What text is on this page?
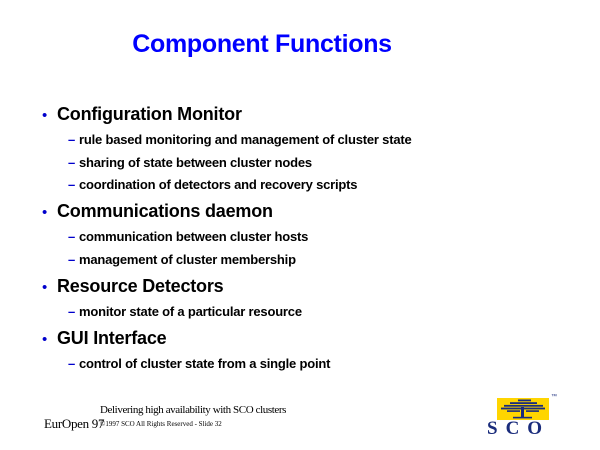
Component Functions
• Configuration Monitor
– rule based monitoring and management of cluster state
– sharing of state between cluster nodes
– coordination of detectors and recovery scripts
• Communications daemon
– communication between cluster hosts
– management of cluster membership
• Resource Detectors
– monitor state of a particular resource
• GUI Interface
– control of cluster state from a single point
Delivering high availability with SCO clusters
EurOpen 97
©1997 SCO All Rights Reserved - Slide 32
™
SCO
